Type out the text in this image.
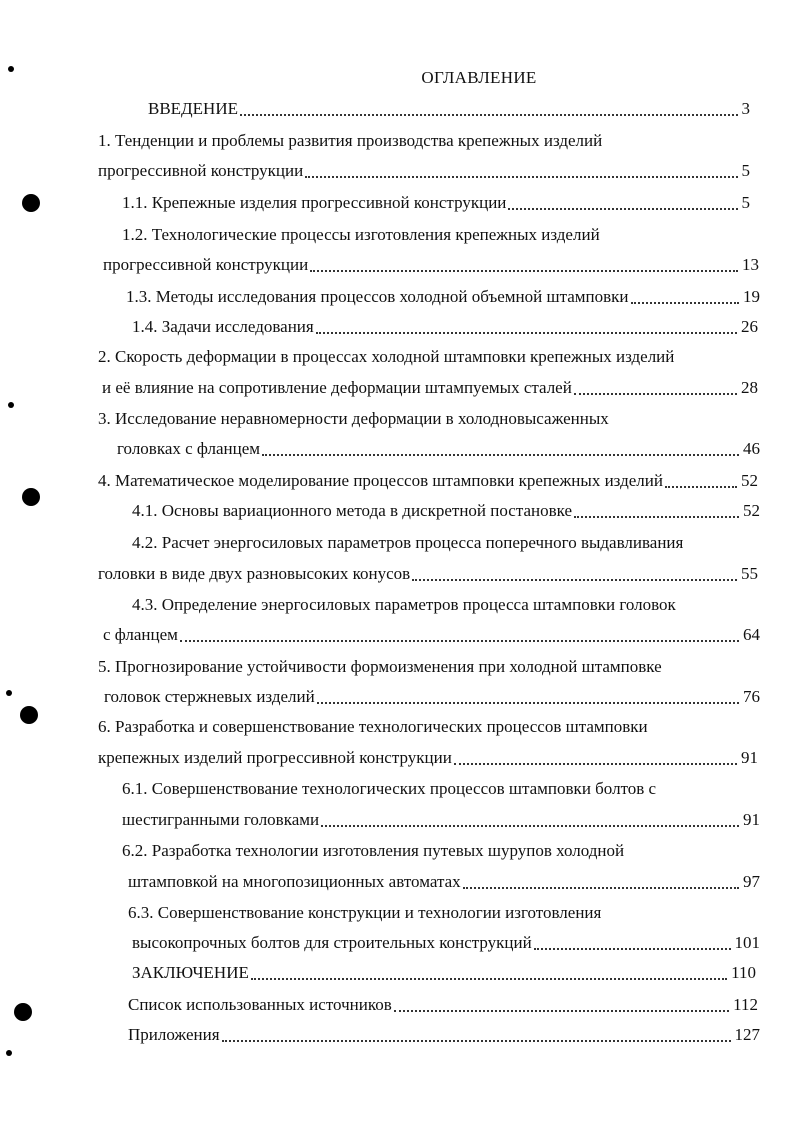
ОГЛАВЛЕНИЕ
ВВЕДЕНИЕ	3
1. Тенденции и проблемы развития производства крепежных изделий
прогрессивной конструкции	5
1.1. Крепежные изделия прогрессивной конструкции	5
1.2. Технологические процессы изготовления крепежных изделий
прогрессивной конструкции	13
1.3. Методы исследования процессов холодной объемной штамповки	19
1.4. Задачи исследования	26
2. Скорость деформации в процессах холодной штамповки крепежных изделий
и её влияние на сопротивление деформации штампуемых сталей	28
3. Исследование неравномерности деформации в холодновысаженных
головках с фланцем	46
4. Математическое моделирование процессов штамповки крепежных изделий	52
4.1. Основы вариационного метода в дискретной постановке	52
4.2. Расчет энергосиловых параметров процесса поперечного выдавливания
головки в виде двух разновысоких конусов	55
4.3. Определение энергосиловых параметров процесса штамповки головок
с фланцем	64
5. Прогнозирование устойчивости формоизменения при холодной штамповке
головок стержневых изделий	76
6. Разработка и совершенствование технологических процессов штамповки
крепежных изделий прогрессивной конструкции	91
6.1. Совершенствование технологических процессов штамповки болтов с
шестигранными головками	91
6.2. Разработка технологии изготовления путевых шурупов холодной
штамповкой на многопозиционных автоматах	97
6.3. Совершенствование конструкции и технологии изготовления
высокопрочных болтов для строительных конструкций	101
ЗАКЛЮЧЕНИЕ	110
Список использованных источников	112
Приложения	127
